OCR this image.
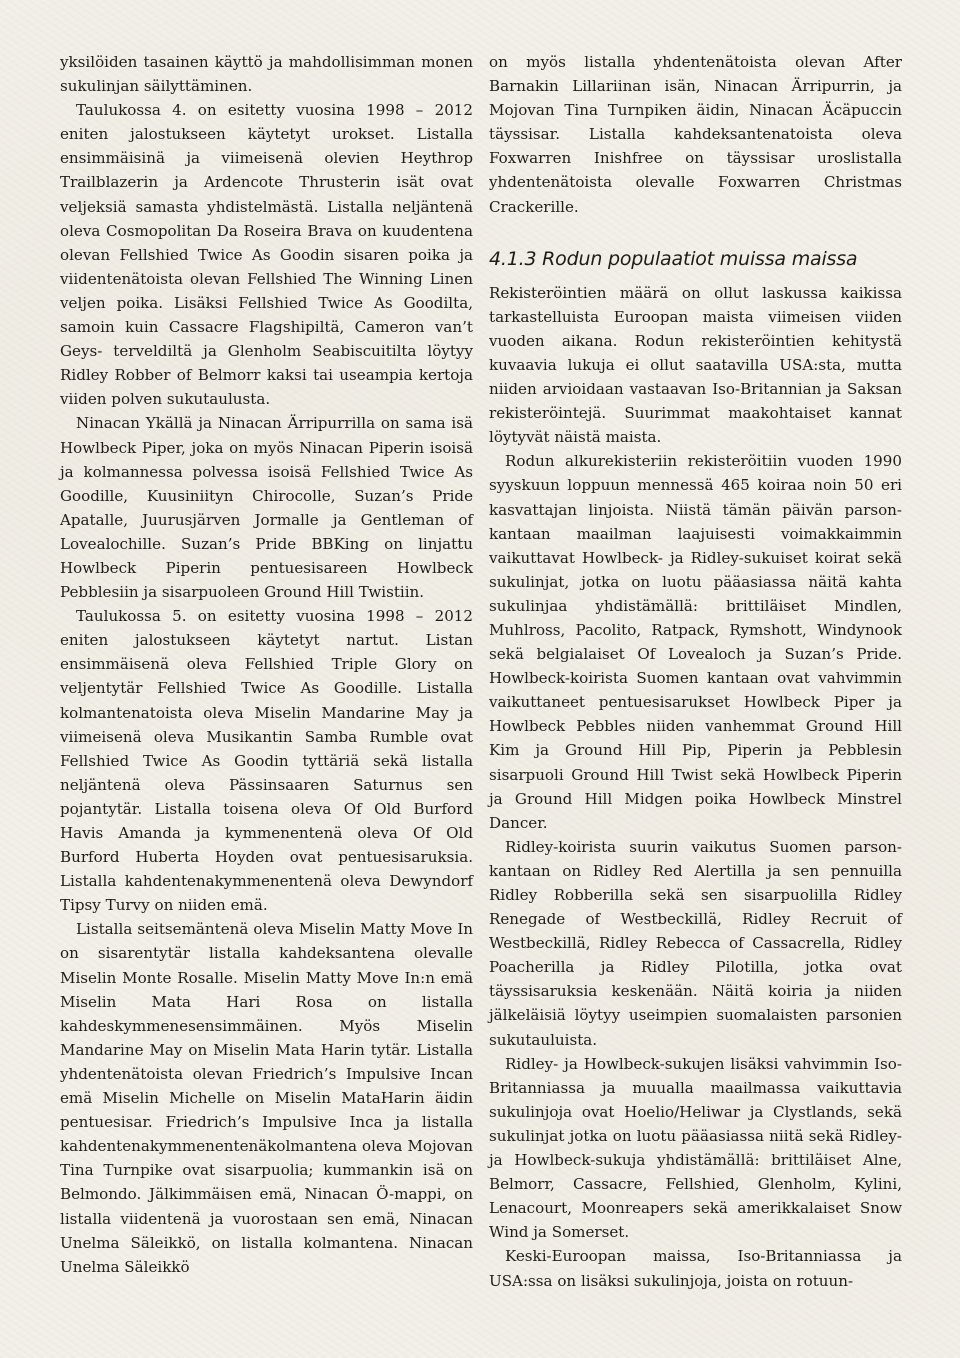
yksilöiden tasainen käyttö ja mahdollisimman monen sukulinjan säilyttäminen.

Taulukossa 4. on esitetty vuosina 1998 – 2012 eniten jalostukseen käytetyt urokset. Listalla ensimmäisinä ja viimeisenä olevien Heythrop Trailblazerin ja Ardencote Thrusterin isät ovat veljeksiä samasta yhdistelmästä. Listalla neljäntenä oleva Cosmopolitan Da Roseira Brava on kuudentena olevan Fellshied Twice As Goodin sisaren poika ja viidentenätoista olevan Fellshied The Winning Linen veljen poika. Lisäksi Fellshied Twice As Goodilta, samoin kuin Cassacre Flagshipiltä, Cameron van’t Geys- terveldiltä ja Glenholm Seabiscuitilta löytyy Ridley Robber of Belmorr kaksi tai useampia kertoja viiden polven sukutaulusta.

Ninacan Ykällä ja Ninacan Ärripurrilla on sama isä Howlbeck Piper, joka on myös Ninacan Piperin isoisä ja kolmannessa polvessa isoisä Fellshied Twice As Goodille, Kuusiniityn Chirocolle, Suzan’s Pride Apatalle, Juurusjärven Jormalle ja Gentleman of Lovealochille. Suzan’s Pride BBKing on linjattu Howlbeck Piperin pentuesisareen Howlbeck Pebblesiin ja sisarpuoleen Ground Hill Twistiin.

Taulukossa 5. on esitetty vuosina 1998 – 2012 eniten jalostukseen käytetyt nartut. Listan ensimmäisenä oleva Fellshied Triple Glory on veljentytär Fellshied Twice As Goodille. Listalla kolmantenatoista oleva Miselin Mandarine May ja viimeisenä oleva Musikantin Samba Rumble ovat Fellshied Twice As Goodin tyttäriä sekä listalla neljäntenä oleva Pässinsaaren Saturnus sen pojantytär. Listalla toisena oleva Of Old Burford Havis Amanda ja kymmenentenä oleva Of Old Burford Huberta Hoyden ovat pentuesisaruksia. Listalla kahdentenakymmenentenä oleva Dewyndorf Tipsy Turvy on niiden emä.

Listalla seitsemäntenä oleva Miselin Matty Move In on sisarentytär listalla kahdeksantena olevalle Miselin Monte Rosalle. Miselin Matty Move In:n emä Miselin Mata Hari Rosa on listalla kahdeskymmenesensimmäinen. Myös Miselin Mandarine May on Miselin Mata Harin tytär. Listalla yhdentenätoista olevan Friedrich’s Impulsive Incan emä Miselin Michelle on Miselin MataHarin äidin pentuesisar. Friedrich’s Impulsive Inca ja listalla kahdentenakymmenentenäkolmantena oleva Mojovan Tina Turnpike ovat sisarpuolia; kummankin isä on Belmondo. Jälkimmäisen emä, Ninacan Ö-mappi, on listalla viidentenä ja vuorostaan sen emä, Ninacan Unelma Säleikkö, on listalla kolmantena. Ninacan Unelma Säleikkö

on myös listalla yhdentenätoista olevan After Barnakin Lillariinan isän, Ninacan Ärripurrin, ja Mojovan Tina Turnpiken äidin, Ninacan Äcäpuccin täyssisar. Listalla kahdeksantenatoista oleva Foxwarren Inishfree on täyssisar uroslistalla yhdentenätoista olevalle Foxwarren Christmas Crackerille.

4.1.3 Rodun populaatiot muissa maissa

Rekisteröintien määrä on ollut laskussa kaikissa tarkastelluista Euroopan maista viimeisen viiden vuoden aikana. Rodun rekisteröintien kehitystä kuvaavia lukuja ei ollut saatavilla USA:sta, mutta niiden arvioidaan vastaavan Iso-Britannian ja Saksan rekisteröintejä. Suurimmat maakohtaiset kannat löytyvät näistä maista.

Rodun alkurekisteriin rekisteröitiin vuoden 1990 syyskuun loppuun mennessä 465 koiraa noin 50 eri kasvattajan linjoista. Niistä tämän päivän parson-kantaan maailman laajuisesti voimakkaimmin vaikuttavat Howlbeck- ja Ridley-sukuiset koirat sekä sukulinjat, jotka on luotu pääasiassa näitä kahta sukulinjaa yhdistämällä: brittiläiset Mindlen, Muhlross, Pacolito, Ratpack, Rymshott, Windynook sekä belgialaiset Of Lovealoch ja Suzan’s Pride. Howlbeck-koirista Suomen kantaan ovat vahvimmin vaikuttaneet pentuesisarukset Howlbeck Piper ja Howlbeck Pebbles niiden vanhemmat Ground Hill Kim ja Ground Hill Pip, Piperin ja Pebblesin sisarpuoli Ground Hill Twist sekä Howlbeck Piperin ja Ground Hill Midgen poika Howlbeck Minstrel Dancer.

Ridley-koirista suurin vaikutus Suomen parson-kantaan on Ridley Red Alertilla ja sen pennuilla Ridley Robberilla sekä sen sisarpuolilla Ridley Renegade of Westbeckillä, Ridley Recruit of Westbeckillä, Ridley Rebecca of Cassacrella, Ridley Poacherilla ja Ridley Pilotilla, jotka ovat täyssisaruksia keskenään. Näitä koiria ja niiden jälkeläisiä löytyy useimpien suomalaisten parsonien sukutauluista.

Ridley- ja Howlbeck-sukujen lisäksi vahvimmin Iso-Britanniassa ja muualla maailmassa vaikuttavia sukulinjoja ovat Hoelio/Heliwar ja Clystlands, sekä sukulinjat jotka on luotu pääasiassa niitä sekä Ridley- ja Howlbeck-sukuja yhdistämällä: brittiläiset Alne, Belmorr, Cassacre, Fellshied, Glenholm, Kylini, Lenacourt, Moonreapers sekä amerikkalaiset Snow Wind ja Somerset.

Keski-Euroopan maissa, Iso-Britanniassa ja USA:ssa on lisäksi sukulinjoja, joista on rotuun-
